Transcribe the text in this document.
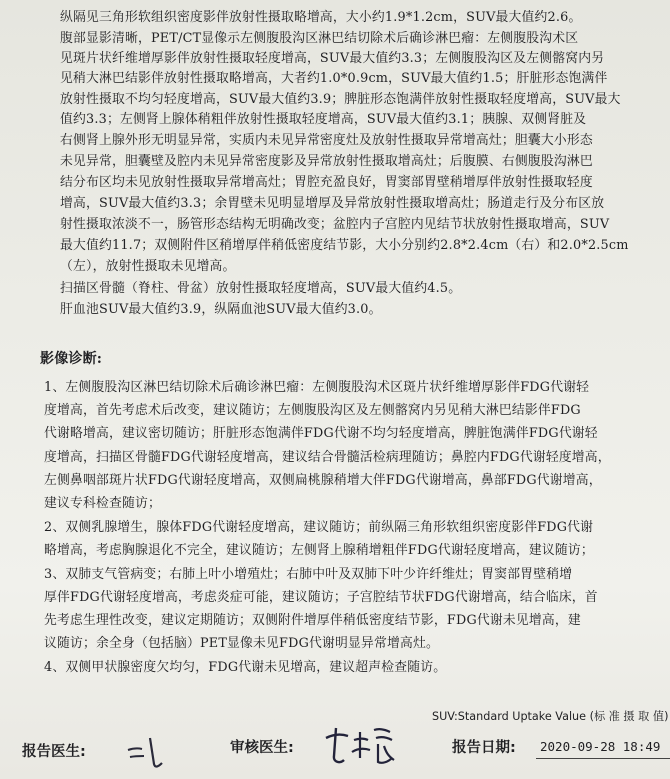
纵隔见三角形软组织密度影伴放射性摄取略增高，大小约1.9*1.2cm，SUV最大值约2.6。
腹部显影清晰，PET/CT显像示左侧腹股沟区淋巴结切除术后确诊淋巴瘤：左侧腹股沟术区
见斑片状纤维增厚影伴放射性摄取轻度增高，SUV最大值约3.3；左侧腹股沟区及左侧髂窝内另
见稍大淋巴结影伴放射性摄取略增高，大者约1.0*0.9cm，SUV最大值约1.5；肝脏形态饱满伴
放射性摄取不均匀轻度增高，SUV最大值约3.9；脾脏形态饱满伴放射性摄取轻度增高，SUV最大
值约3.3；左侧肾上腺体稍粗伴放射性摄取轻度增高，SUV最大值约3.1；胰腺、双侧肾脏及
右侧肾上腺外形无明显异常，实质内未见异常密度灶及放射性摄取异常增高灶；胆囊大小形态
未见异常，胆囊壁及腔内未见异常密度影及异常放射性摄取增高灶；后腹膜、右侧腹股沟淋巴
结分布区均未见放射性摄取异常增高灶；胃腔充盈良好，胃窦部胃壁稍增厚伴放射性摄取轻度
增高，SUV最大值约3.3；余胃壁未见明显增厚及异常放射性摄取增高灶；肠道走行及分布区放
射性摄取浓淡不一，肠管形态结构无明确改变；盆腔内子宫腔内见结节状放射性摄取增高，SUV
最大值约11.7；双侧附件区稍增厚伴稍低密度结节影，大小分别约2.8*2.4cm（右）和2.0*2.5cm
（左），放射性摄取未见增高。
扫描区骨髓（脊柱、骨盆）放射性摄取轻度增高，SUV最大值约4.5。
肝血池SUV最大值约3.9，纵隔血池SUV最大值约3.0。
影像诊断:
1、左侧腹股沟区淋巴结切除术后确诊淋巴瘤：左侧腹股沟术区斑片状纤维增厚影伴FDG代谢轻
度增高，首先考虑术后改变，建议随访；左侧腹股沟区及左侧髂窝内另见稍大淋巴结影伴FDG
代谢略增高，建议密切随访；肝脏形态饱满伴FDG代谢不均匀轻度增高，脾脏饱满伴FDG代谢轻
度增高，扫描区骨髓FDG代谢轻度增高，建议结合骨髓活检病理随访；鼻腔内FDG代谢轻度增高，
左侧鼻咽部斑片状FDG代谢轻度增高，双侧扁桃腺稍增大伴FDG代谢增高，鼻部FDG代谢增高，
建议专科检查随访；
2、双侧乳腺增生，腺体FDG代谢轻度增高，建议随访；前纵隔三角形软组织密度影伴FDG代谢
略增高，考虑胸腺退化不完全，建议随访；左侧肾上腺稍增粗伴FDG代谢轻度增高，建议随访；
3、双肺支气管病变；右肺上叶小增殖灶；右肺中叶及双肺下叶少许纤维灶；胃窦部胃壁稍增
厚伴FDG代谢轻度增高，考虑炎症可能，建议随访；子宫腔结节状FDG代谢增高，结合临床，首
先考虑生理性改变，建议定期随访；双侧附件增厚伴稍低密度结节影，FDG代谢未见增高，建
议随访；余全身（包括脑）PET显像未见FDG代谢明显异常增高灶。
4、双侧甲状腺密度欠均匀，FDG代谢未见增高，建议超声检查随访。
SUV:Standard Uptake Value (标 准 摄 取 值)
报告医生:	审核医生:	报告日期: 2020-09-28 18:49
